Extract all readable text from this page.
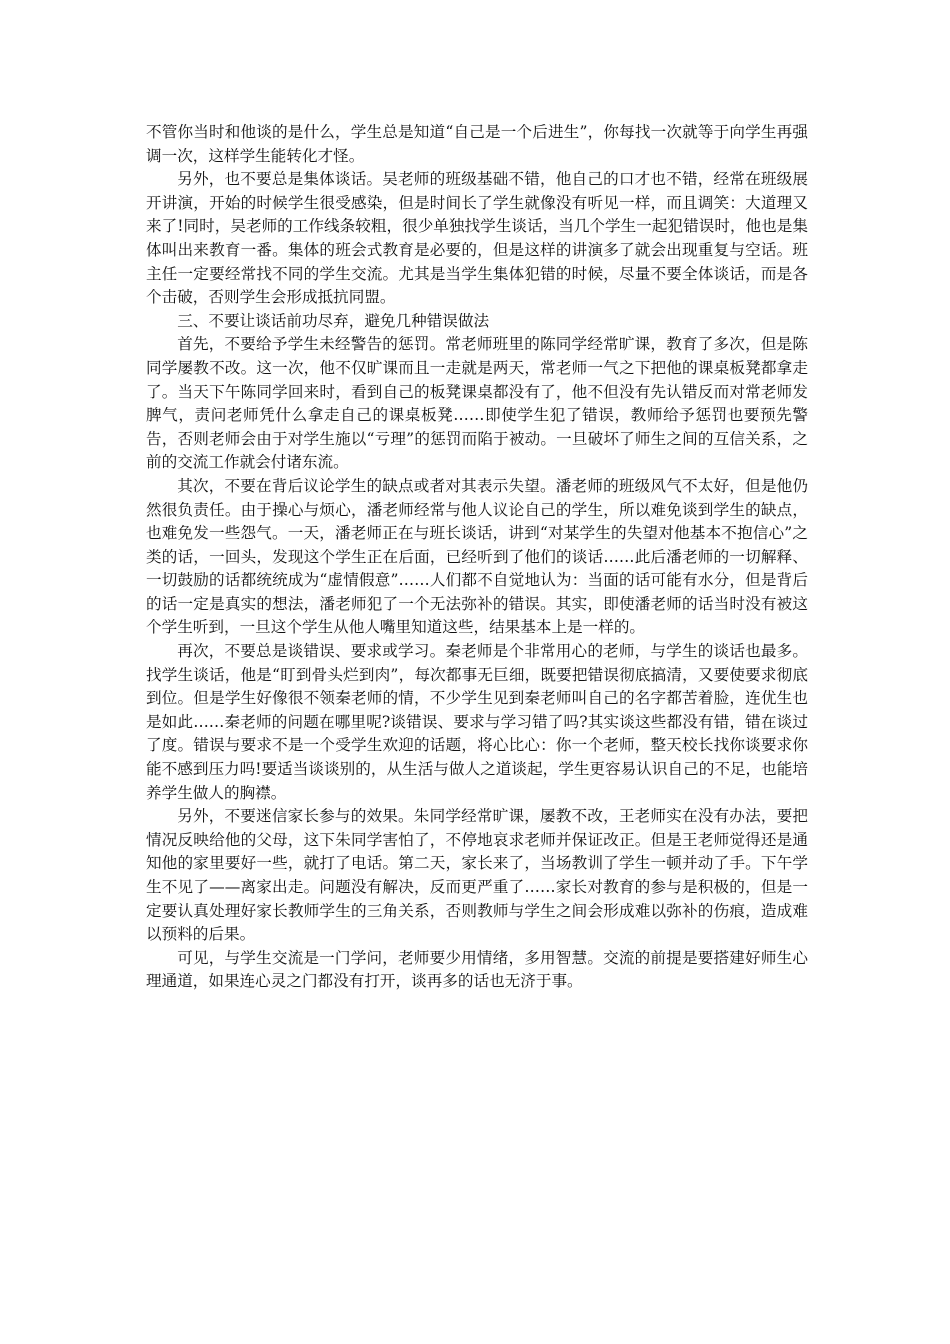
不管你当时和他谈的是什么，学生总是知道“自己是一个后进生”，你每找一次就等于向学生再强调一次，这样学生能转化才怪。

另外，也不要总是集体谈话。吴老师的班级基础不错，他自己的口才也不错，经常在班级展开讲演，开始的时候学生很受感染，但是时间长了学生就像没有听见一样，而且调笑：大道理又来了!同时，吴老师的工作线条较粗，很少单独找学生谈话，当几个学生一起犯错误时，他也是集体叫出来教育一番。集体的班会式教育是必要的，但是这样的讲演多了就会出现重复与空话。班主任一定要经常找不同的学生交流。尤其是当学生集体犯错的时候，尽量不要全体谈话，而是各个击破，否则学生会形成抵抗同盟。

三、不要让谈话前功尽弃，避免几种错误做法

首先，不要给予学生未经警告的惩罚。常老师班里的陈同学经常旷课，教育了多次，但是陈同学屡教不改。这一次，他不仅旷课而且一走就是两天，常老师一气之下把他的课桌板凳都拿走了。当天下午陈同学回来时，看到自己的板凳课桌都没有了，他不但没有先认错反而对常老师发脾气，责问老师凭什么拿走自己的课桌板凳……即使学生犯了错误，教师给予惩罚也要预先警告，否则老师会由于对学生施以“亏理”的惩罚而陷于被动。一旦破坏了师生之间的互信关系，之前的交流工作就会付诸东流。

其次，不要在背后议论学生的缺点或者对其表示失望。潘老师的班级风气不太好，但是他仍然很负责任。由于操心与烦心，潘老师经常与他人议论自己的学生，所以难免谈到学生的缺点，也难免发一些怨气。一天，潘老师正在与班长谈话，讲到“对某学生的失望对他基本不抱信心”之类的话，一回头，发现这个学生正在后面，已经听到了他们的谈话……此后潘老师的一切解释、一切鼓励的话都统统成为“虚情假意”……人们都不自觉地认为：当面的话可能有水分，但是背后的话一定是真实的想法，潘老师犯了一个无法弥补的错误。其实，即使潘老师的话当时没有被这个学生听到，一旦这个学生从他人嘴里知道这些，结果基本上是一样的。

再次，不要总是谈错误、要求或学习。秦老师是个非常用心的老师，与学生的谈话也最多。找学生谈话，他是“盯到骨头烂到肉”，每次都事无巨细，既要把错误彻底搞清，又要使要求彻底到位。但是学生好像很不领秦老师的情，不少学生见到秦老师叫自己的名字都苦着脸，连优生也是如此……秦老师的问题在哪里呢?谈错误、要求与学习错了吗?其实谈这些都没有错，错在谈过了度。错误与要求不是一个受学生欢迎的话题，将心比心：你一个老师，整天校长找你谈要求你能不感到压力吗!要适当谈谈别的，从生活与做人之道谈起，学生更容易认识自己的不足，也能培养学生做人的胸襟。

另外，不要迷信家长参与的效果。朱同学经常旷课，屡教不改，王老师实在没有办法，要把情况反映给他的父母，这下朱同学害怕了，不停地哀求老师并保证改正。但是王老师觉得还是通知他的家里要好一些，就打了电话。第二天，家长来了，当场教训了学生一顿并动了手。下午学生不见了——离家出走。问题没有解决，反而更严重了……家长对教育的参与是积极的，但是一定要认真处理好家长教师学生的三角关系，否则教师与学生之间会形成难以弥补的伤痕，造成难以预料的后果。

可见，与学生交流是一门学问，老师要少用情绪，多用智慧。交流的前提是要搭建好师生心理通道，如果连心灵之门都没有打开，谈再多的话也无济于事。
